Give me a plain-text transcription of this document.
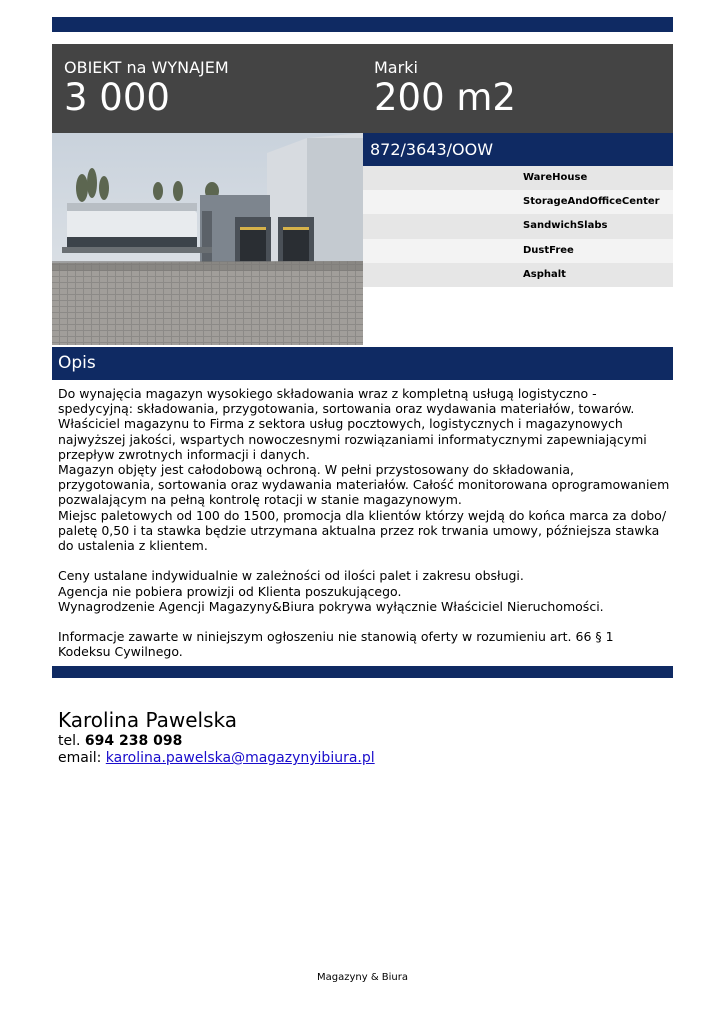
OBIEKT na WYNAJEM
3 000
Marki
200 m2
872/3643/OOW
WareHouse
StorageAndOfficeCenter
SandwichSlabs
DustFree
Asphalt
Opis

Do wynajęcia magazyn wysokiego składowania wraz z kompletną usługą logistyczno - spedycyjną: składowania, przygotowania, sortowania oraz wydawania materiałów, towarów. Właściciel magazynu to Firma z sektora usług pocztowych, logistycznych i magazynowych najwyższej jakości, wspartych nowoczesnymi rozwiązaniami informatycznymi zapewniającymi przepływ zwrotnych informacji i danych.

Magazyn objęty jest całodobową ochroną. W pełni przystosowany do składowania, przygotowania, sortowania oraz wydawania materiałów. Całość monitorowana oprogramowaniem pozwalającym na pełną kontrolę rotacji w stanie magazynowym.

Miejsc paletowych od 100 do 1500, promocja dla klientów którzy wejdą do końca marca za dobo/ paletę 0,50 i ta stawka będzie utrzymana aktualna przez rok trwania umowy, późniejsza stawka do ustalenia z klientem.

Ceny ustalane indywidualnie w zależności od ilości palet i zakresu obsługi.

Agencja nie pobiera prowizji od Klienta poszukującego.

Wynagrodzenie Agencji Magazyny&Biura pokrywa wyłącznie Właściciel Nieruchomości.

Informacje zawarte w niniejszym ogłoszeniu nie stanowią oferty w rozumieniu art. 66 § 1 Kodeksu Cywilnego.

Karolina Pawelska
tel. 694 238 098
email: karolina.pawelska@magazynyibiura.pl
Magazyny & Biura
